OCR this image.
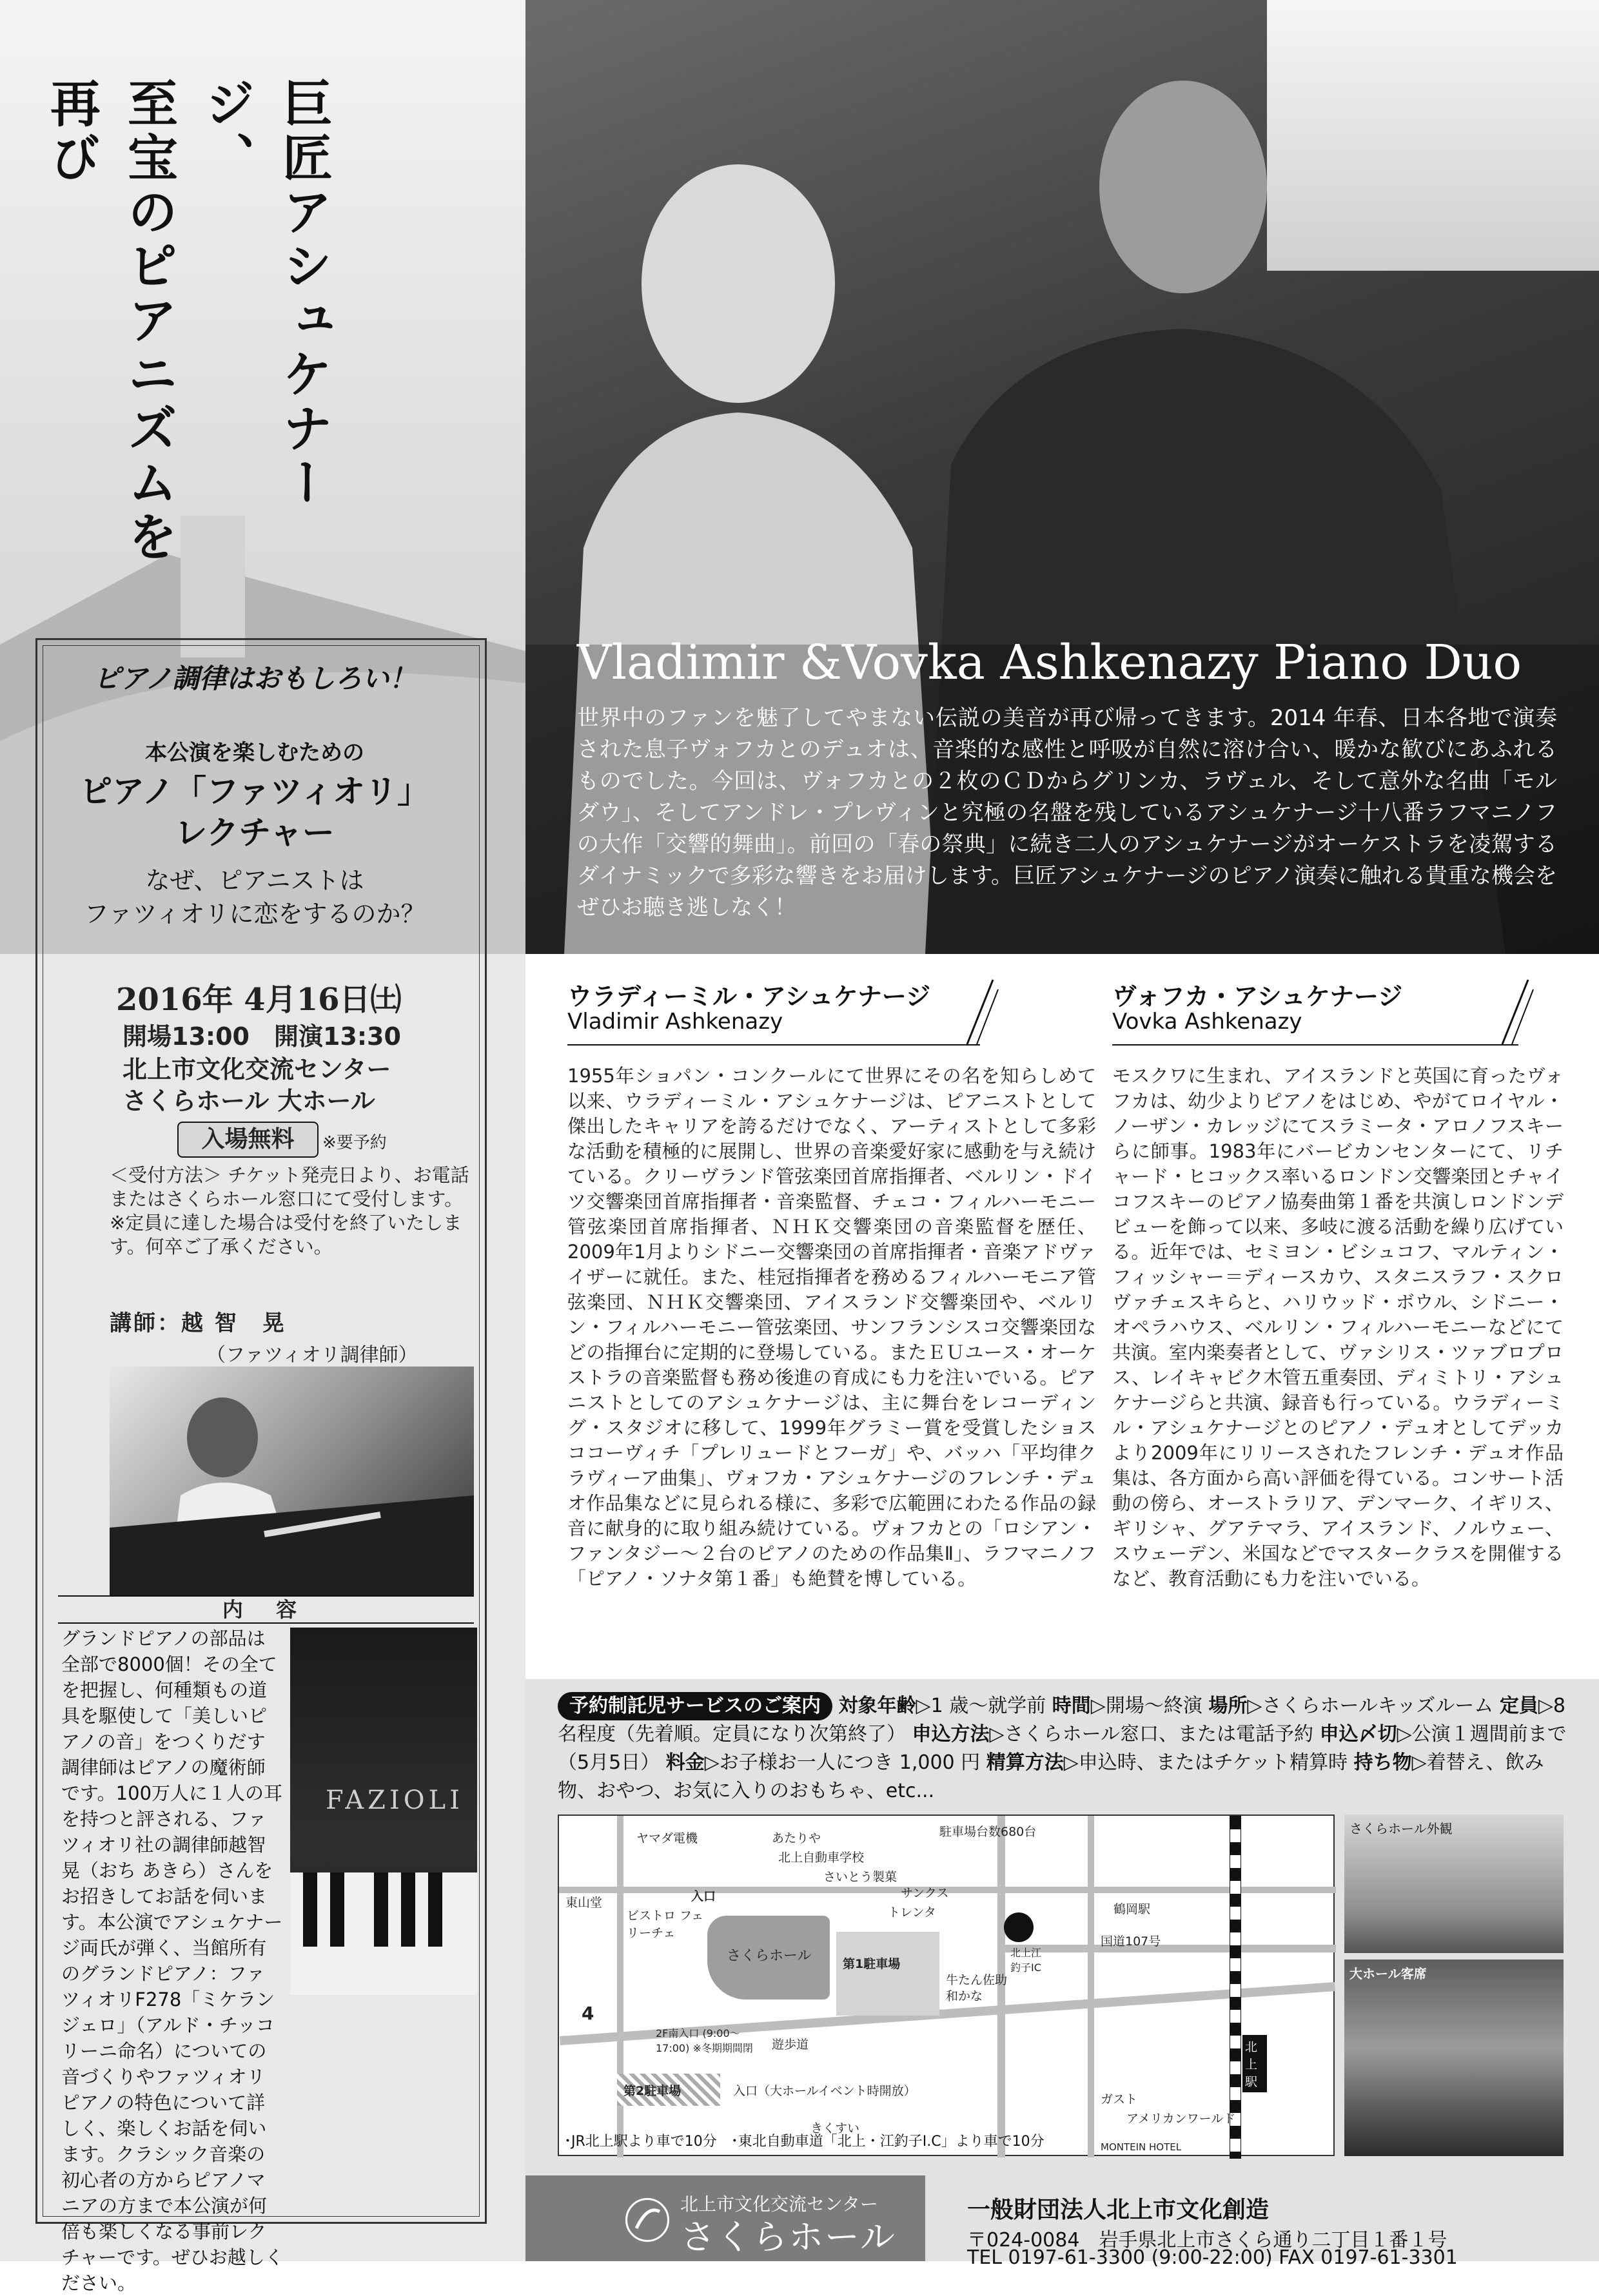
巨匠アシュケナージ、
至宝のピアニズムを再び
Vladimir &Vovka Ashkenazy Piano Duo
世界中のファンを魅了してやまない伝説の美音が再び帰ってきます。2014 年春、日本各地で演奏された息子ヴォフカとのデュオは、音楽的な感性と呼吸が自然に溶け合い、暖かな歓びにあふれるものでした。今回は、ヴォフカとの２枚のＣＤからグリンカ、ラヴェル、そして意外な名曲「モルダウ」、そしてアンドレ・プレヴィンと究極の名盤を残しているアシュケナージ十八番ラフマニノフの大作「交響的舞曲」。前回の「春の祭典」に続き二人のアシュケナージがオーケストラを凌駕するダイナミックで多彩な響きをお届けします。巨匠アシュケナージのピアノ演奏に触れる貴重な機会をぜひお聴き逃しなく！
ピアノ調律はおもしろい！
本公演を楽しむための
ピアノ「ファツィオリ」
レクチャー
なぜ、ピアニストは
ファツィオリに恋をするのか？
2016年 4月16日㈯
開場13:00　開演13:30
北上市文化交流センター
さくらホール 大ホール
入場無料	※要予約
＜受付方法＞ チケット発売日より、お電話またはさくらホール窓口にて受付します。※定員に達した場合は受付を終了いたします。何卒ご了承ください。
講師：越 智　晃
（ファツィオリ調律師）
内 容
FAZIOLI
グランドピアノの部品は全部で8000個！その全てを把握し、何種類もの道具を駆使して「美しいピアノの音」をつくりだす調律師はピアノの魔術師です。100万人に１人の耳を持つと評される、ファツィオリ社の調律師越智晃（おち あきら）さんをお招きしてお話を伺います。本公演でアシュケナージ両氏が弾く、当館所有のグランドピアノ：ファツィオリF278「ミケランジェロ」（アルド・チッコリーニ命名）についての音づくりやファツィオリピアノの特色について詳しく、楽しくお話を伺います。クラシック音楽の初心者の方からピアノマニアの方まで本公演が何倍も楽しくなる事前レクチャーです。ぜひお越しください。
ウラディーミル・アシュケナージ
Vladimir Ashkenazy
1955年ショパン・コンクールにて世界にその名を知らしめて以来、ウラディーミル・アシュケナージは、ピアニストとして傑出したキャリアを誇るだけでなく、アーティストとして多彩な活動を積極的に展開し、世界の音楽愛好家に感動を与え続けている。クリーヴランド管弦楽団首席指揮者、ベルリン・ドイツ交響楽団首席指揮者・音楽監督、チェコ・フィルハーモニー管弦楽団首席指揮者、ＮＨＫ交響楽団の音楽監督を歴任、2009年1月よりシドニー交響楽団の首席指揮者・音楽アドヴァイザーに就任。また、桂冠指揮者を務めるフィルハーモニア管弦楽団、ＮＨＫ交響楽団、アイスランド交響楽団や、ベルリン・フィルハーモニー管弦楽団、サンフランシスコ交響楽団などの指揮台に定期的に登場している。またＥＵユース・オーケストラの音楽監督も務め後進の育成にも力を注いでいる。ピアニストとしてのアシュケナージは、主に舞台をレコーディング・スタジオに移して、1999年グラミー賞を受賞したショスココーヴィチ「プレリュードとフーガ」や、バッハ「平均律クラヴィーア曲集」、ヴォフカ・アシュケナージのフレンチ・デュオ作品集などに見られる様に、多彩で広範囲にわたる作品の録音に献身的に取り組み続けている。ヴォフカとの「ロシアン・ファンタジー～２台のピアノのための作品集Ⅱ」、ラフマニノフ「ピアノ・ソナタ第１番」も絶賛を博している。
ヴォフカ・アシュケナージ
Vovka Ashkenazy
モスクワに生まれ、アイスランドと英国に育ったヴォフカは、幼少よりピアノをはじめ、やがてロイヤル・ノーザン・カレッジにてスラミータ・アロノフスキーらに師事。1983年にバービカンセンターにて、リチャード・ヒコックス率いるロンドン交響楽団とチャイコフスキーのピアノ協奏曲第１番を共演しロンドンデビューを飾って以来、多岐に渡る活動を繰り広げている。近年では、セミヨン・ビシュコフ、マルティン・フィッシャー＝ディースカウ、スタニスラフ・スクロヴァチェスキらと、ハリウッド・ボウル、シドニー・オペラハウス、ベルリン・フィルハーモニーなどにて共演。室内楽奏者として、ヴァシリス・ツァブロプロス、レイキャビク木管五重奏団、ディミトリ・アシュケナージらと共演、録音も行っている。ウラディーミル・アシュケナージとのピアノ・デュオとしてデッカより2009年にリリースされたフレンチ・デュオ作品集は、各方面から高い評価を得ている。コンサート活動の傍ら、オーストラリア、デンマーク、イギリス、ギリシャ、グアテマラ、アイスランド、ノルウェー、スウェーデン、米国などでマスタークラスを開催するなど、教育活動にも力を注いでいる。
予約制託児サービスのご案内 対象年齢▷1 歳～就学前 時間▷開場～終演 場所▷さくらホールキッズルーム 定員▷8 名程度（先着順。定員になり次第終了） 申込方法▷さくらホール窓口、または電話予約 申込〆切▷公演１週間前まで（5月5日） 料金▷お子様お一人につき 1,000 円 精算方法▷申込時、またはチケット精算時 持ち物▷着替え、飲み物、おやつ、お気に入りのおもちゃ、etc...
ヤマダ電機	あたりや	駐車場台数680台
北上自動車学校
さいとう製菓
サンクス
トレンタ
東山堂
ビストロ フェリーチェ
入口
さくらホール	第1駐車場
牛たん佐助
和かな
北上江釣子IC
4
2F南入口 (9:00〜17:00) ※冬期期間閉	遊歩道
第2駐車場	入口（大ホールイベント時開放）
きくすい
国道107号
北上駅
鶴岡駅
MONTEIN HOTEL
ガスト
アメリカンワールド
･JR北上駅より車で10分　･東北自動車道「北上・江釣子I.C」より車で10分
さくらホール外観
大ホール客席
北上市文化交流センター
さくらホール
一般財団法人北上市文化創造
〒024‐0084　岩手県北上市さくら通り二丁目１番１号
TEL 0197-61-3300 (9:00-22:00) FAX 0197-61-3301
